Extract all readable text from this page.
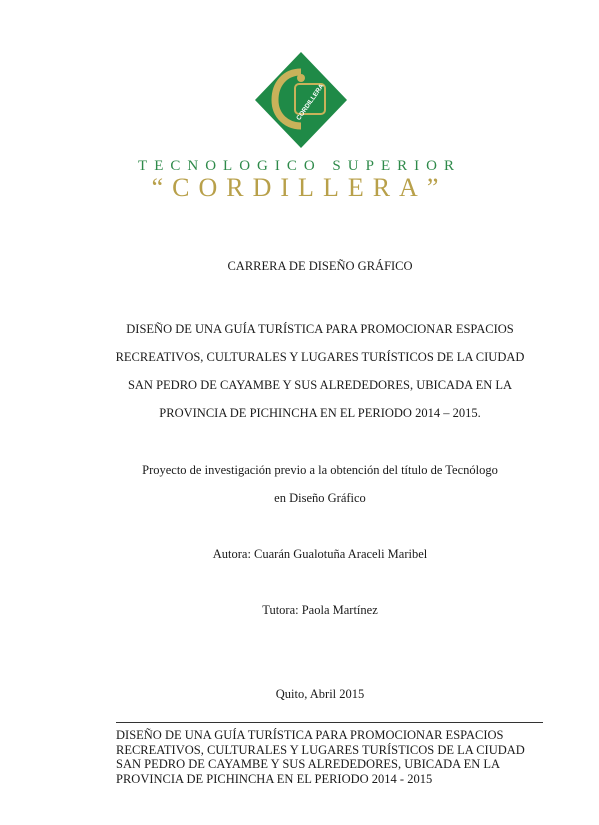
CORDILLERA
TECNOLOGICO SUPERIOR
“CORDILLERA”
CARRERA DE DISEÑO GRÁFICO
DISEÑO DE UNA GUÍA TURÍSTICA PARA PROMOCIONAR ESPACIOS
RECREATIVOS, CULTURALES Y LUGARES TURÍSTICOS DE LA CIUDAD
SAN PEDRO DE CAYAMBE Y SUS ALREDEDORES, UBICADA EN LA
PROVINCIA DE PICHINCHA EN EL PERIODO 2014 – 2015.
Proyecto de investigación previo a la obtención del título de Tecnólogo
en Diseño Gráfico
Autora: Cuarán Gualotuña Araceli Maribel
Tutora: Paola Martínez
Quito, Abril 2015
DISEÑO DE UNA GUÍA TURÍSTICA PARA PROMOCIONAR ESPACIOS
RECREATIVOS, CULTURALES Y LUGARES TURÍSTICOS DE LA CIUDAD
SAN PEDRO DE CAYAMBE Y SUS ALREDEDORES, UBICADA EN LA
PROVINCIA DE PICHINCHA EN EL PERIODO 2014 - 2015
